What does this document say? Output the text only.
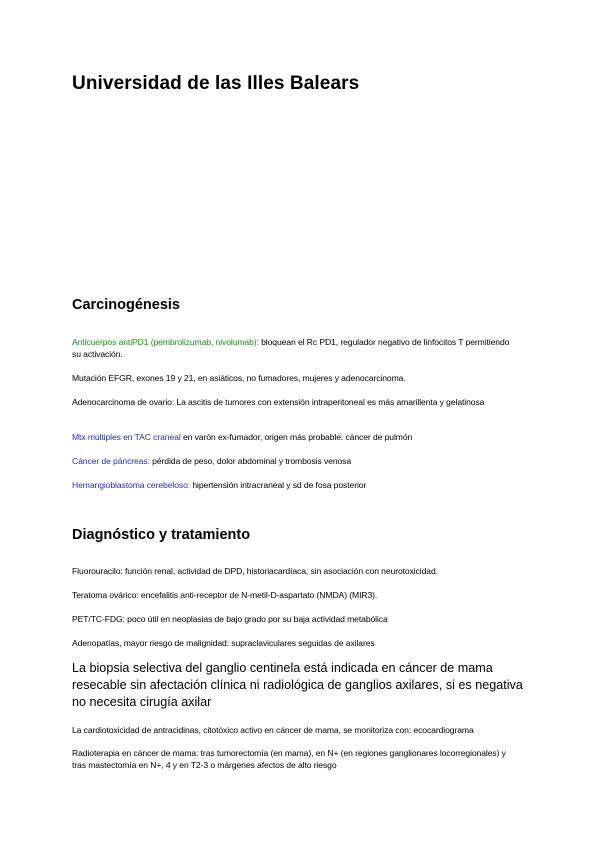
Universidad de las Illes Balears
Carcinogénesis

Anticuerpos antiPD1 (pembrolizumab, nivolumab): bloquean el Rc PD1, regulador negativo de linfocitos T permitiendo su activación.

Mutación EFGR, exones 19 y 21, en asiáticos, no fumadores, mujeres y adenocarcinoma.

Adenocarcinoma de ovario: La ascitis de tumores con extensión intraperitoneal es más amarillenta y gelatinosa

Mtx múltiples en TAC craneal en varón ex-fumador, origen más probable: cáncer de pulmón

Cáncer de páncreas: pérdida de peso, dolor abdominal y trombosis venosa

Hemangioblastoma cerebeloso: hipertensión intracraneal y sd de fosa posterior

Diagnóstico y tratamiento

Fluorouracilo: función renal, actividad de DPD, historiacardíaca, sin asociación con neurotoxicidad.

Teratoma ovárico: encefalitis anti-receptor de N-metil-D-aspartato (NMDA) (MIR3).

PET/TC-FDG: poco útil en neoplasias de bajo grado por su baja actividad metabólica

Adenopatías, mayor riesgo de malignidad: supraclaviculares seguidas de axilares

La biopsia selectiva del ganglio centinela está indicada en cáncer de mama resecable sin afectación clínica ni radiológica de ganglios axilares, si es negativa no necesita cirugía axilar

La cardiotoxicidad de antracidinas, citotóxico activo en cáncer de mama, se monitoriza con: ecocardiograma

Radioterapia en cáncer de mama: tras tumorectomía (en mama), en N+ (en regiones ganglionares locorregionales) y tras mastectomía en N+, 4 y en T2-3 o márgenes afectos de alto riesgo
